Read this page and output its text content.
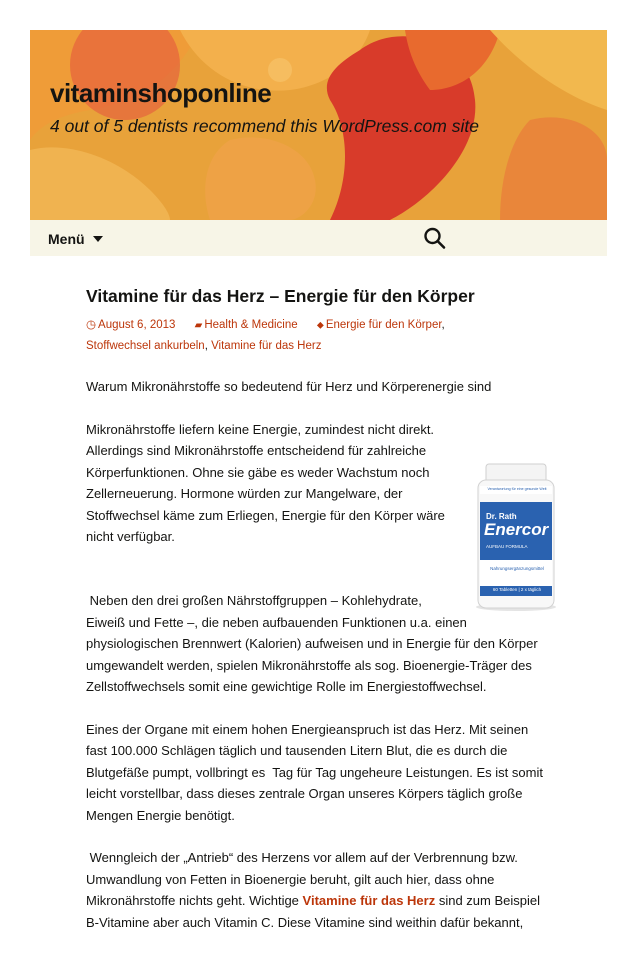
vitaminshoponline

4 out of 5 dentists recommend this WordPress.com site

Menü
Vitamine für das Herz – Energie für den Körper
◷ August 6, 2013 ▰ Health & Medicine ⬥ Energie für den Körper,
Stoffwechsel ankurbeln, Vitamine für das Herz

Warum Mikronährstoffe so bedeutend für Herz und Körperenergie sind

Verantwortung für eine gesunde Welt
Dr. Rath
Enercor
AUFBAU FORMULA
Nahrungsergänzungsmittel
60 Tabletten | 2 x täglich

Mikronährstoffe liefern keine Energie, zumindest nicht direkt.
Allerdings sind Mikronährstoffe entscheidend für zahlreiche
Körperfunktionen. Ohne sie gäbe es weder Wachstum noch
Zellerneuerung. Hormone würden zur Mangelware, der
Stoffwechsel käme zum Erliegen, Energie für den Körper wäre
nicht verfügbar.

Neben den drei großen Nährstoffgruppen – Kohlehydrate,
Eiweiß und Fette –, die neben aufbauenden Funktionen u.a. einen
physiologischen Brennwert (Kalorien) aufweisen und in Energie für den Körper
umgewandelt werden, spielen Mikronährstoffe als sog. Bioenergie-Träger des
Zellstoffwechsels somit eine gewichtige Rolle im Energiestoffwechsel.

Eines der Organe mit einem hohen Energieanspruch ist das Herz. Mit seinen
fast 100.000 Schlägen täglich und tausenden Litern Blut, die es durch die
Blutgefäße pumpt, vollbringt es  Tag für Tag ungeheure Leistungen. Es ist somit
leicht vorstellbar, dass dieses zentrale Organ unseres Körpers täglich große
Mengen Energie benötigt.

Wenngleich der „Antrieb“ des Herzens vor allem auf der Verbrennung bzw.
Umwandlung von Fetten in Bioenergie beruht, gilt auch hier, dass ohne
Mikronährstoffe nichts geht. Wichtige Vitamine für das Herz sind zum Beispiel
B-Vitamine aber auch Vitamin C. Diese Vitamine sind weithin dafür bekannt,
